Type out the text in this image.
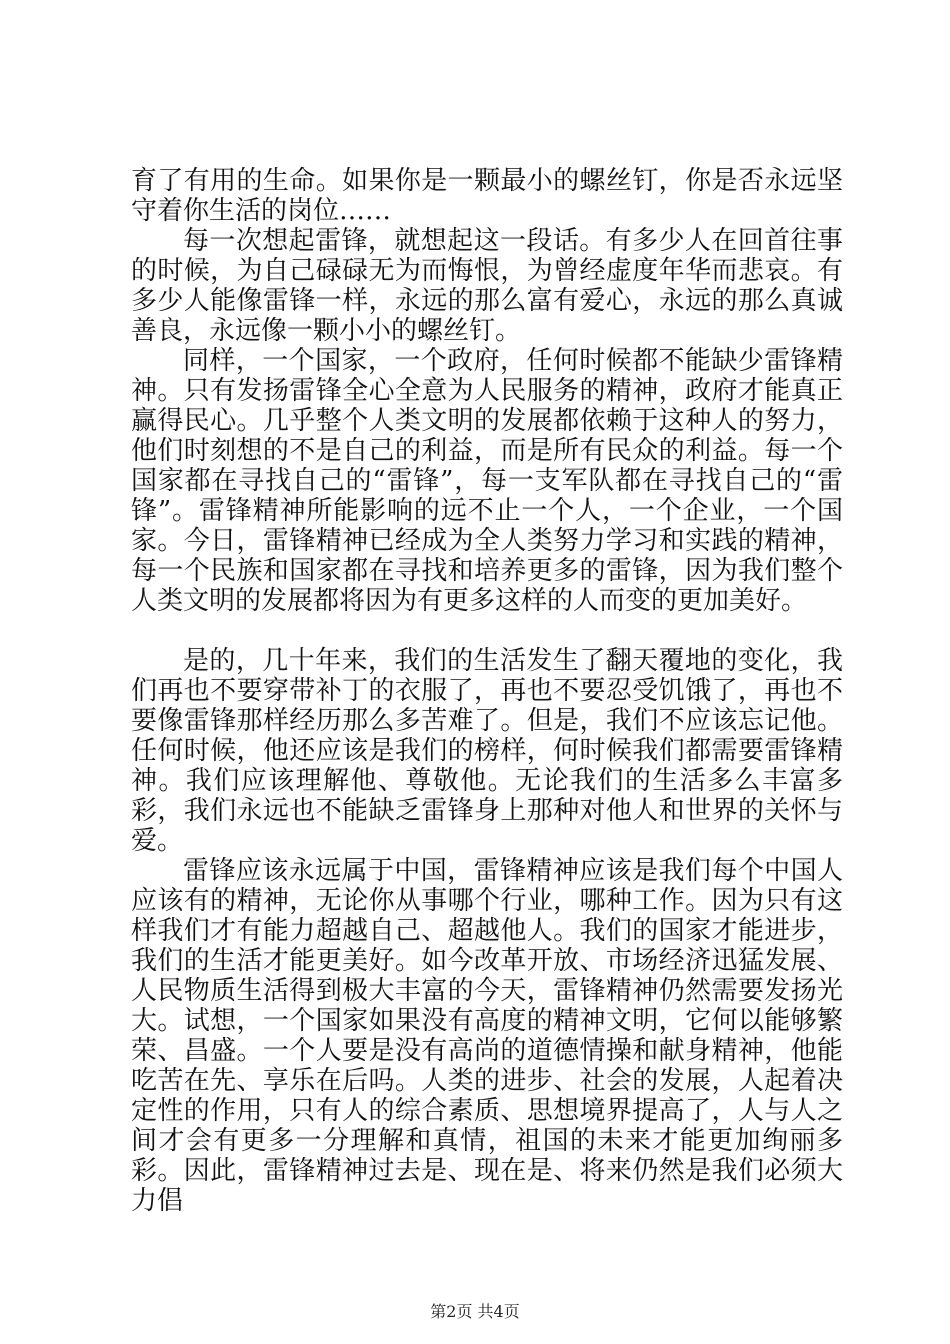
育了有用的生命。如果你是一颗最小的螺丝钉，你是否永远坚守着你生活的岗位……

每一次想起雷锋，就想起这一段话。有多少人在回首往事的时候，为自己碌碌无为而悔恨，为曾经虚度年华而悲哀。有多少人能像雷锋一样，永远的那么富有爱心，永远的那么真诚善良，永远像一颗小小的螺丝钉。

同样，一个国家，一个政府，任何时候都不能缺少雷锋精神。只有发扬雷锋全心全意为人民服务的精神，政府才能真正赢得民心。几乎整个人类文明的发展都依赖于这种人的努力，他们时刻想的不是自己的利益，而是所有民众的利益。每一个国家都在寻找自己的“雷锋”，每一支军队都在寻找自己的“雷锋”。雷锋精神所能影响的远不止一个人，一个企业，一个国家。今日，雷锋精神已经成为全人类努力学习和实践的精神，每一个民族和国家都在寻找和培养更多的雷锋，因为我们整个人类文明的发展都将因为有更多这样的人而变的更加美好。

是的，几十年来，我们的生活发生了翻天覆地的变化，我们再也不要穿带补丁的衣服了，再也不要忍受饥饿了，再也不要像雷锋那样经历那么多苦难了。但是，我们不应该忘记他。任何时候，他还应该是我们的榜样，何时候我们都需要雷锋精神。我们应该理解他、尊敬他。无论我们的生活多么丰富多彩，我们永远也不能缺乏雷锋身上那种对他人和世界的关怀与爱。

雷锋应该永远属于中国，雷锋精神应该是我们每个中国人应该有的精神，无论你从事哪个行业，哪种工作。因为只有这样我们才有能力超越自己、超越他人。我们的国家才能进步，我们的生活才能更美好。如今改革开放、市场经济迅猛发展、人民物质生活得到极大丰富的今天，雷锋精神仍然需要发扬光大。试想，一个国家如果没有高度的精神文明，它何以能够繁荣、昌盛。一个人要是没有高尚的道德情操和献身精神，他能吃苦在先、享乐在后吗。人类的进步、社会的发展，人起着决定性的作用，只有人的综合素质、思想境界提高了，人与人之间才会有更多一分理解和真情，祖国的未来才能更加绚丽多彩。因此，雷锋精神过去是、现在是、将来仍然是我们必须大力倡

第2页 共4页
